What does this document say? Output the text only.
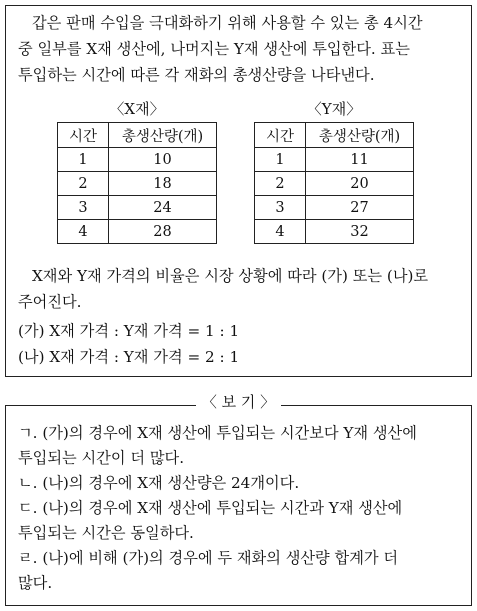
갑은 판매 수입을 극대화하기 위해 사용할 수 있는 총 4시간
중 일부를 X재 생산에, 나머지는 Y재 생산에 투입한다. 표는
투입하는 시간에 따른 각 재화의 총생산량을 나타낸다.
〈X재〉
시간	총생산량(개)
1	10
2	18
3	24
4	28
〈Y재〉
시간	총생산량(개)
1	11
2	20
3	27
4	32
X재와 Y재 가격의 비율은 시장 상황에 따라 (가) 또는 (나)로
주어진다.
(가) X재 가격 : Y재 가격 = 1 : 1
(나) X재 가격 : Y재 가격 = 2 : 1
〈 보 기 〉
ㄱ. (가)의 경우에 X재 생산에 투입되는 시간보다 Y재 생산에
투입되는 시간이 더 많다.
ㄴ. (나)의 경우에 X재 생산량은 24개이다.
ㄷ. (나)의 경우에 X재 생산에 투입되는 시간과 Y재 생산에
투입되는 시간은 동일하다.
ㄹ. (나)에 비해 (가)의 경우에 두 재화의 생산량 합계가 더
많다.
